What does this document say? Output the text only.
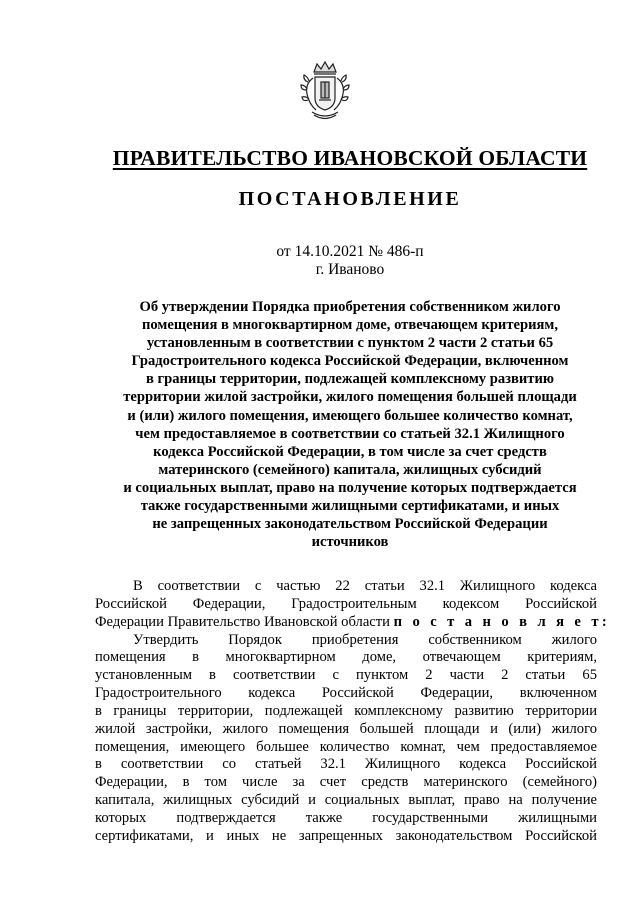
ПРАВИТЕЛЬСТВО ИВАНОВСКОЙ ОБЛАСТИ
ПОСТАНОВЛЕНИЕ
от 14.10.2021 № 486-п
г. Иваново
Об утверждении Порядка приобретения собственником жилого
помещения в многоквартирном доме, отвечающем критериям,
установленным в соответствии с пунктом 2 части 2 статьи 65
Градостроительного кодекса Российской Федерации, включенном
в границы территории, подлежащей комплексному развитию
территории жилой застройки, жилого помещения большей площади
и (или) жилого помещения, имеющего большее количество комнат,
чем предоставляемое в соответствии со статьей 32.1 Жилищного
кодекса Российской Федерации, в том числе за счет средств
материнского (семейного) капитала, жилищных субсидий
и социальных выплат, право на получение которых подтверждается
также государственными жилищными сертификатами, и иных
не запрещенных законодательством Российской Федерации
источников
В соответствии с частью 22 статьи 32.1 Жилищного кодекса
Российской Федерации, Градостроительным кодексом Российской
Федерации Правительство Ивановской области п о с т а н о в л я е т:
Утвердить Порядок приобретения собственником жилого
помещения в многоквартирном доме, отвечающем критериям,
установленным в соответствии с пунктом 2 части 2 статьи 65
Градостроительного кодекса Российской Федерации, включенном
в границы территории, подлежащей комплексному развитию территории
жилой застройки, жилого помещения большей площади и (или) жилого
помещения, имеющего большее количество комнат, чем предоставляемое
в соответствии со статьей 32.1 Жилищного кодекса Российской
Федерации, в том числе за счет средств материнского (семейного)
капитала, жилищных субсидий и социальных выплат, право на получение
которых подтверждается также государственными жилищными
сертификатами, и иных не запрещенных законодательством Российской
